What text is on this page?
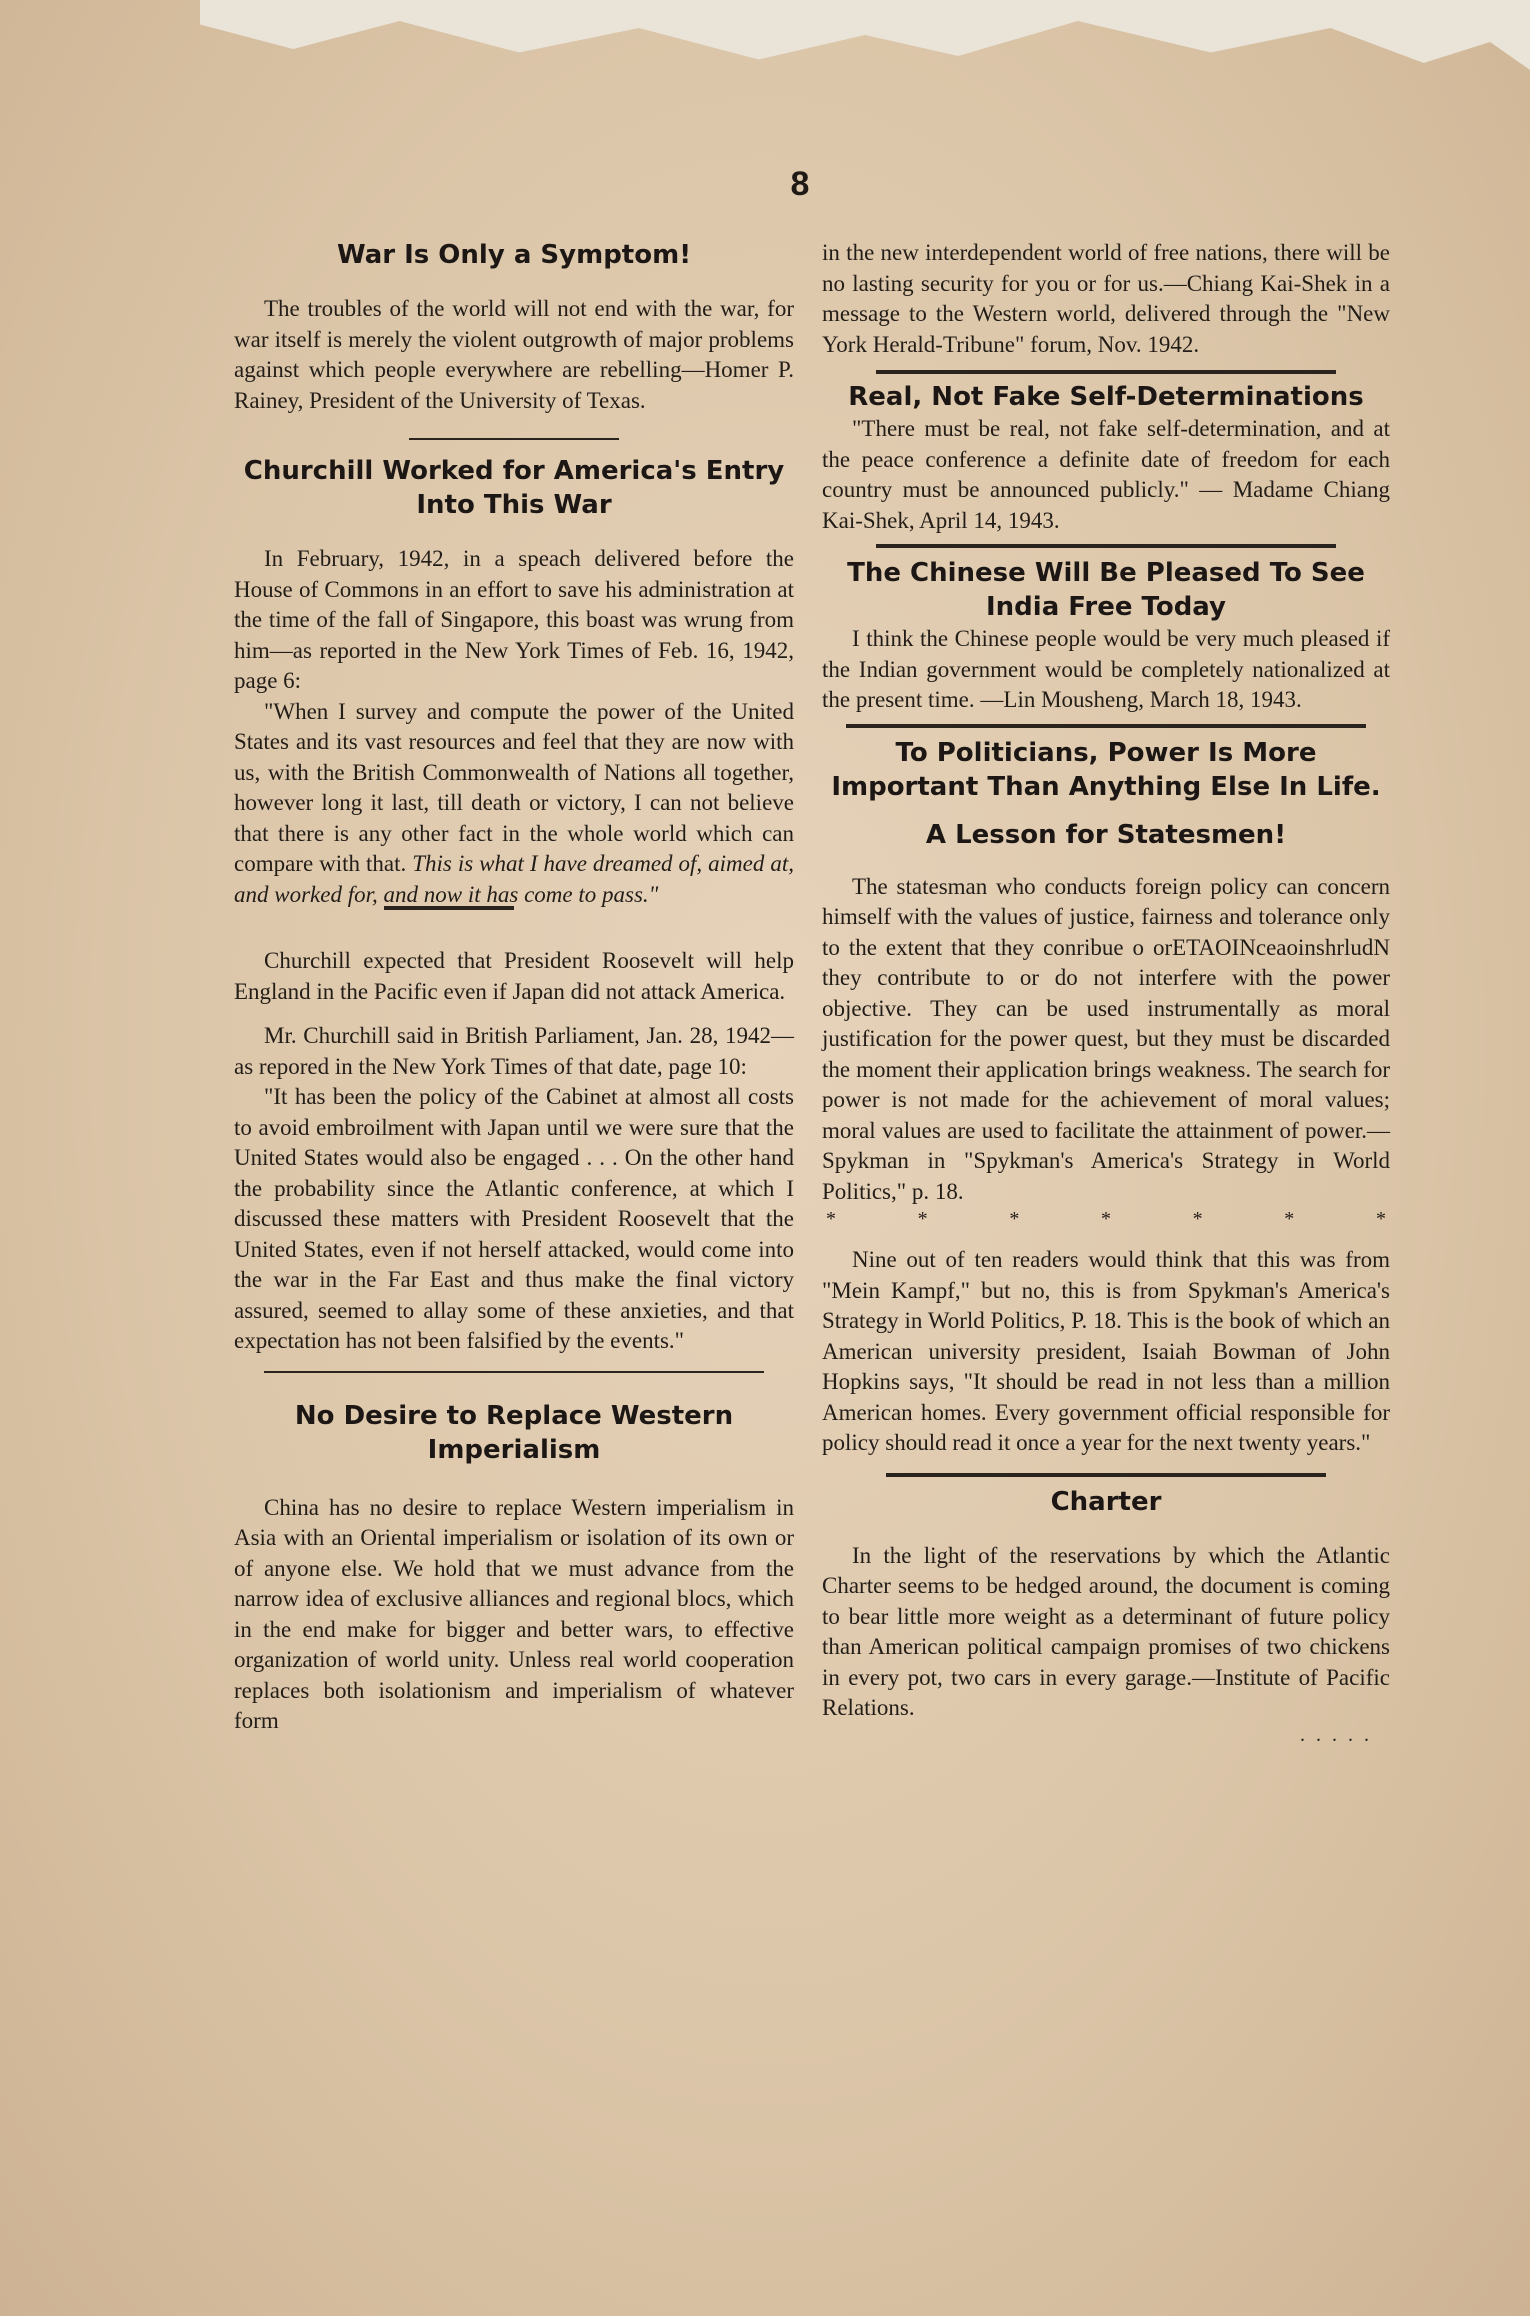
8
War Is Only a Symptom!

The troubles of the world will not end with the war, for war itself is merely the violent outgrowth of major problems against which people everywhere are rebelling—Homer P. Rainey, President of the University of Texas.

Churchill Worked for America's Entry Into This War

In February, 1942, in a speach delivered before the House of Commons in an effort to save his administration at the time of the fall of Singapore, this boast was wrung from him—as reported in the New York Times of Feb. 16, 1942, page 6:

"When I survey and compute the power of the United States and its vast resources and feel that they are now with us, with the British Commonwealth of Nations all together, however long it last, till death or victory, I can not believe that there is any other fact in the whole world which can compare with that. This is what I have dreamed of, aimed at, and worked for, and now it has come to pass."

Churchill expected that President Roosevelt will help England in the Pacific even if Japan did not attack America.

Mr. Churchill said in British Parliament, Jan. 28, 1942—as repored in the New York Times of that date, page 10:

"It has been the policy of the Cabinet at almost all costs to avoid embroilment with Japan until we were sure that the United States would also be engaged . . . On the other hand the probability since the Atlantic conference, at which I discussed these matters with President Roosevelt that the United States, even if not herself attacked, would come into the war in the Far East and thus make the final victory assured, seemed to allay some of these anxieties, and that expectation has not been falsified by the events."

No Desire to Replace Western Imperialism

China has no desire to replace Western imperialism in Asia with an Oriental imperialism or isolation of its own or of anyone else. We hold that we must advance from the narrow idea of exclusive alliances and regional blocs, which in the end make for bigger and better wars, to effective organization of world unity. Unless real world cooperation replaces both isolationism and imperialism of whatever form

in the new interdependent world of free nations, there will be no lasting security for you or for us.—Chiang Kai-Shek in a message to the Western world, delivered through the "New York Herald-Tribune" forum, Nov. 1942.

Real, Not Fake Self-Determinations

"There must be real, not fake self-determination, and at the peace conference a definite date of freedom for each country must be announced publicly." — Madame Chiang Kai-Shek, April 14, 1943.

The Chinese Will Be Pleased To See India Free Today

I think the Chinese people would be very much pleased if the Indian government would be completely nationalized at the present time. —Lin Mousheng, March 18, 1943.

To Politicians, Power Is More Important Than Anything Else In Life.
A Lesson for Statesmen!

The statesman who conducts foreign policy can concern himself with the values of justice, fairness and tolerance only to the extent that they conribue o orETAOINceaoinshrludN they contribute to or do not interfere with the power objective. They can be used instrumentally as moral justification for the power quest, but they must be discarded the moment their application brings weakness. The search for power is not made for the achievement of moral values; moral values are used to facilitate the attainment of power.—Spykman in "Spykman's America's Strategy in World Politics," p. 18.

*	*	*	*	*	*	*

Nine out of ten readers would think that this was from "Mein Kampf," but no, this is from Spykman's America's Strategy in World Politics, P. 18. This is the book of which an American university president, Isaiah Bowman of John Hopkins says, "It should be read in not less than a million American homes. Every government official responsible for policy should read it once a year for the next twenty years."

Charter

In the light of the reservations by which the Atlantic Charter seems to be hedged around, the document is coming to bear little more weight as a determinant of future policy than American political campaign promises of two chickens in every pot, two cars in every garage.—Institute of Pacific Relations.

. . . . .
